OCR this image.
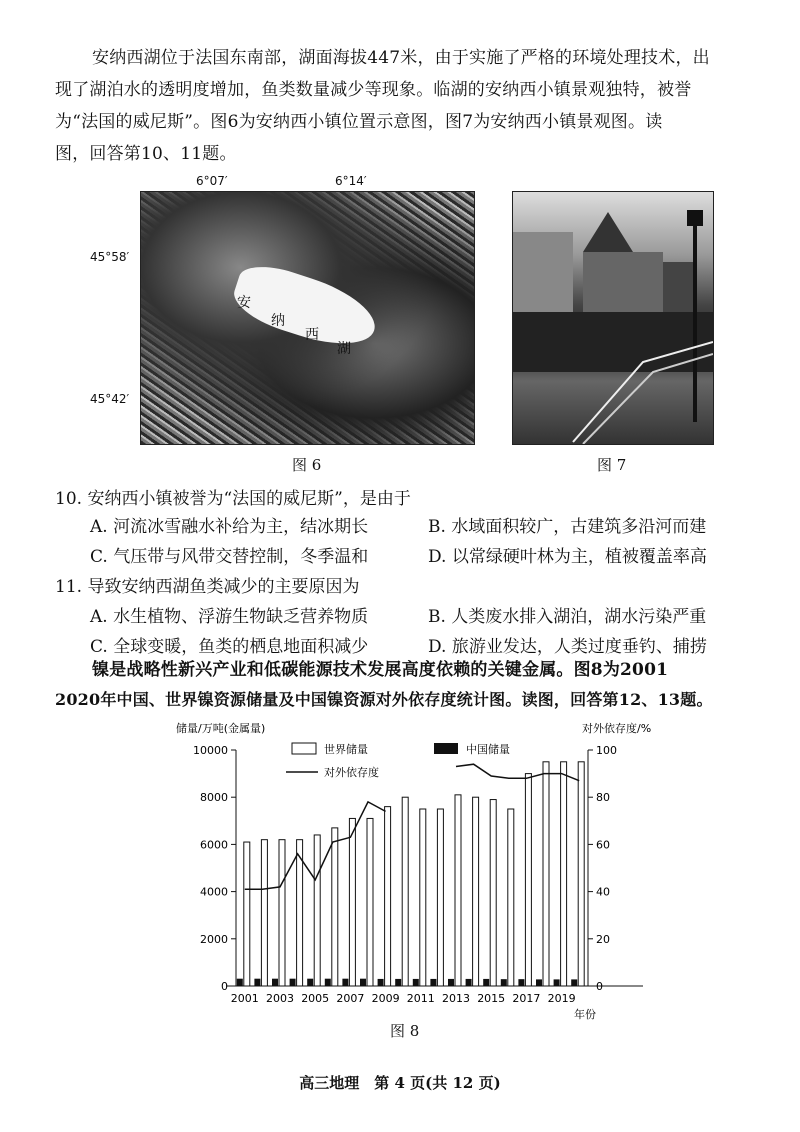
安纳西湖位于法国东南部，湖面海拔447米，由于实施了严格的环境处理技术，出
现了湖泊水的透明度增加，鱼类数量减少等现象。临湖的安纳西小镇景观独特，被誉
为“法国的威尼斯”。图6为安纳西小镇位置示意图，图7为安纳西小镇景观图。读
图，回答第10、11题。
6°07′	6°14′
45°58′
45°42′
安
纳
西
湖
图 6	图 7
10. 安纳西小镇被誉为“法国的威尼斯”，是由于
A. 河流冰雪融水补给为主，结冰期长	B. 水域面积较广，古建筑多沿河而建
C. 气压带与风带交替控制，冬季温和	D. 以常绿硬叶林为主，植被覆盖率高
11. 导致安纳西湖鱼类减少的主要原因为
A. 水生植物、浮游生物缺乏营养物质	B. 人类废水排入湖泊，湖水污染严重
C. 全球变暖，鱼类的栖息地面积减少	D. 旅游业发达，人类过度垂钓、捕捞
镍是战略性新兴产业和低碳能源技术发展高度依赖的关键金属。图8为2001
2020年中国、世界镍资源储量及中国镍资源对外依存度统计图。读图，回答第12、13题。
储量/万吨(金属量)	对外依存度/%
年份
世界储量	中国储量
对外依存度
0
2000
4000
6000
8000
10000
0
20
40
60
80
100
2001 2003 2005 2007 2009 2011 2013 2015 2017 2019
图 8
高三地理　第 4 页(共 12 页)
